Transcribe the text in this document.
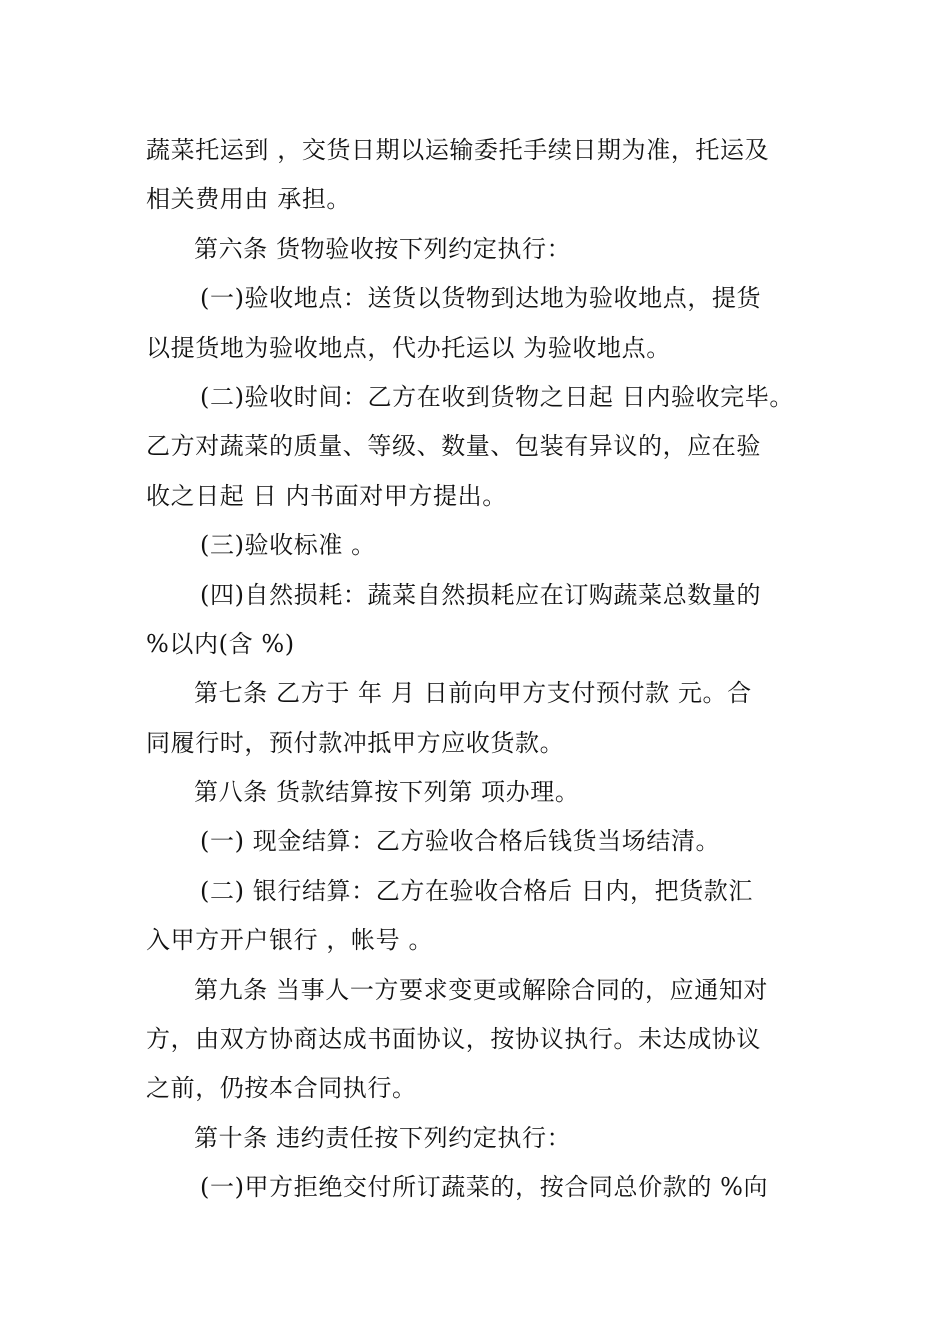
蔬菜托运到 ，交货日期以运输委托手续日期为准，托运及
相关费用由 承担。
第六条 货物验收按下列约定执行：
(一)验收地点：送货以货物到达地为验收地点，提货
以提货地为验收地点，代办托运以 为验收地点。
(二)验收时间：乙方在收到货物之日起 日内验收完毕。
乙方对蔬菜的质量、等级、数量、包装有异议的，应在验
收之日起 日 内书面对甲方提出。
(三)验收标准 。
(四)自然损耗：蔬菜自然损耗应在订购蔬菜总数量的
%以内(含 %)
第七条 乙方于 年 月 日前向甲方支付预付款 元。合
同履行时，预付款冲抵甲方应收货款。
第八条 货款结算按下列第 项办理。
(一) 现金结算：乙方验收合格后钱货当场结清。
(二) 银行结算：乙方在验收合格后 日内，把货款汇
入甲方开户银行 ，帐号 。
第九条 当事人一方要求变更或解除合同的，应通知对
方，由双方协商达成书面协议，按协议执行。未达成协议
之前，仍按本合同执行。
第十条 违约责任按下列约定执行：
(一)甲方拒绝交付所订蔬菜的，按合同总价款的 %向
